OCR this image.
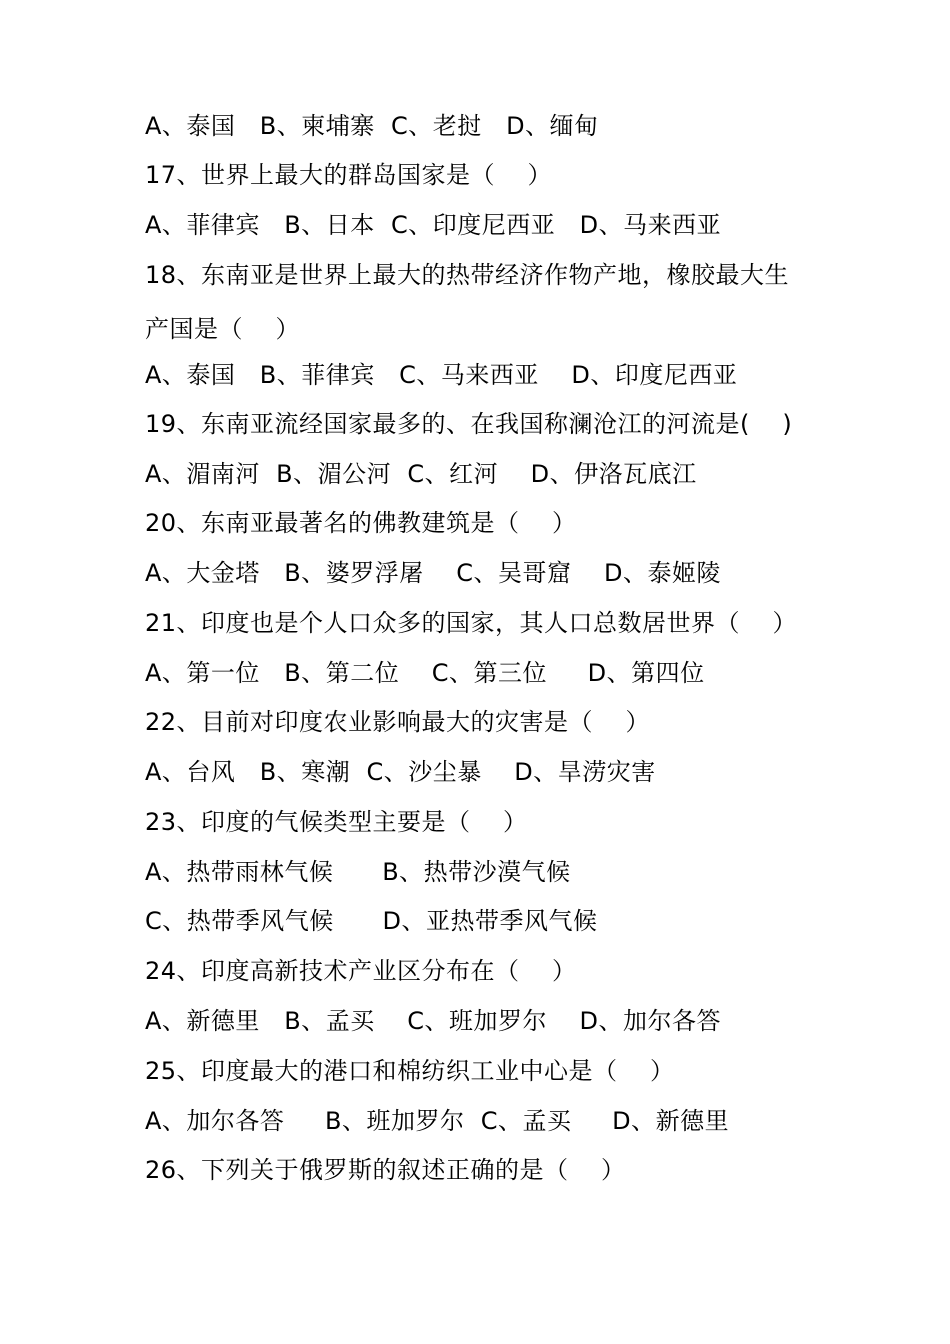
A、泰国   B、柬埔寨  C、老挝   D、缅甸
17、世界上最大的群岛国家是（    ）
A、菲律宾   B、日本  C、印度尼西亚   D、马来西亚
18、东南亚是世界上最大的热带经济作物产地，橡胶最大生
产国是（    ）
A、泰国   B、菲律宾   C、马来西亚    D、印度尼西亚
19、东南亚流经国家最多的、在我国称澜沧江的河流是(    )
A、湄南河  B、湄公河  C、红河    D、伊洛瓦底江
20、东南亚最著名的佛教建筑是（    ）
A、大金塔   B、婆罗浮屠    C、吴哥窟    D、泰姬陵
21、印度也是个人口众多的国家，其人口总数居世界（    ）
A、第一位   B、第二位    C、第三位     D、第四位
22、目前对印度农业影响最大的灾害是（    ）
A、台风   B、寒潮  C、沙尘暴    D、旱涝灾害
23、印度的气候类型主要是（    ）
A、热带雨林气候      B、热带沙漠气候
C、热带季风气候      D、亚热带季风气候
24、印度高新技术产业区分布在（    ）
A、新德里   B、孟买    C、班加罗尔    D、加尔各答
25、印度最大的港口和棉纺织工业中心是（    ）
A、加尔各答     B、班加罗尔  C、孟买     D、新德里
26、下列关于俄罗斯的叙述正确的是（    ）
